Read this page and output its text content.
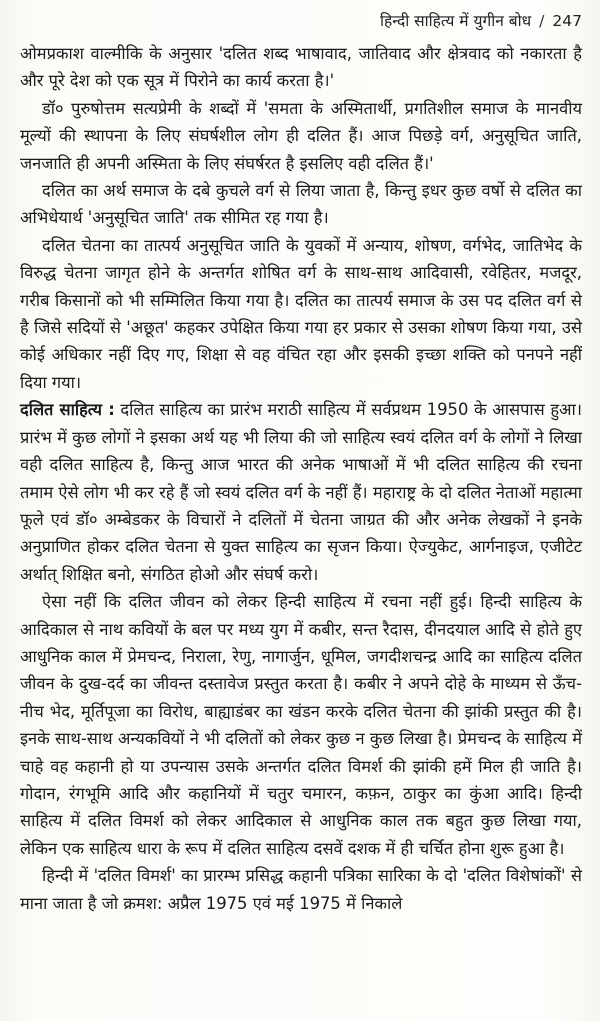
हिन्दी साहित्य में युगीन बोध / 247

ओमप्रकाश वाल्मीकि के अनुसार 'दलित शब्द भाषावाद, जातिवाद और क्षेत्रवाद को नकारता है और पूरे देश को एक सूत्र में पिरोने का कार्य करता है।'

डॉ० पुरुषोत्तम सत्यप्रेमी के शब्दों में 'समता के अस्मितार्थी, प्रगतिशील समाज के मानवीय मूल्यों की स्थापना के लिए संघर्षशील लोग ही दलित हैं। आज पिछड़े वर्ग, अनुसूचित जाति, जनजाति ही अपनी अस्मिता के लिए संघर्षरत है इसलिए वही दलित हैं।'

दलित का अर्थ समाज के दबे कुचले वर्ग से लिया जाता है, किन्तु इधर कुछ वर्षो से दलित का अभिधेयार्थ 'अनुसूचित जाति' तक सीमित रह गया है।

दलित चेतना का तात्पर्य अनुसूचित जाति के युवकों में अन्याय, शोषण, वर्गभेद, जातिभेद के विरुद्ध चेतना जागृत होने के अन्तर्गत शोषित वर्ग के साथ-साथ आदिवासी, रवेहितर, मजदूर, गरीब किसानों को भी सम्मिलित किया गया है। दलित का तात्पर्य समाज के उस पद दलित वर्ग से है जिसे सदियों से 'अछूत' कहकर उपेक्षित किया गया हर प्रकार से उसका शोषण किया गया, उसे कोई अधिकार नहीं दिए गए, शिक्षा से वह वंचित रहा और इसकी इच्छा शक्ति को पनपने नहीं दिया गया।

दलित साहित्य : दलित साहित्य का प्रारंभ मराठी साहित्य में सर्वप्रथम 1950 के आसपास हुआ। प्रारंभ में कुछ लोगों ने इसका अर्थ यह भी लिया की जो साहित्य स्वयं दलित वर्ग के लोगों ने लिखा वही दलित साहित्य है, किन्तु आज भारत की अनेक भाषाओं में भी दलित साहित्य की रचना तमाम ऐसे लोग भी कर रहे हैं जो स्वयं दलित वर्ग के नहीं हैं। महाराष्ट्र के दो दलित नेताओं महात्मा फूले एवं डॉ० अम्बेडकर के विचारों ने दलितों में चेतना जाग्रत की और अनेक लेखकों ने इनके अनुप्राणित होकर दलित चेतना से युक्त साहित्य का सृजन किया। ऐज्युकेट, आर्गनाइज, एजीटेट अर्थात् शिक्षित बनो, संगठित होओ और संघर्ष करो।

ऐसा नहीं कि दलित जीवन को लेकर हिन्दी साहित्य में रचना नहीं हुई। हिन्दी साहित्य के आदिकाल से नाथ कवियों के बल पर मध्य युग में कबीर, सन्त रैदास, दीनदयाल आदि से होते हुए आधुनिक काल में प्रेमचन्द, निराला, रेणु, नागार्जुन, धूमिल, जगदीशचन्द्र आदि का साहित्य दलित जीवन के दुख-दर्द का जीवन्त दस्तावेज प्रस्तुत करता है। कबीर ने अपने दोहे के माध्यम से ऊँच-नीच भेद, मूर्तिपूजा का विरोध, बाह्याडंबर का खंडन करके दलित चेतना की झांकी प्रस्तुत की है। इनके साथ-साथ अन्यकवियों ने भी दलितों को लेकर कुछ न कुछ लिखा है। प्रेमचन्द के साहित्य में चाहे वह कहानी हो या उपन्यास उसके अन्तर्गत दलित विमर्श की झांकी हमें मिल ही जाति है। गोदान, रंगभूमि आदि और कहानियों में चतुर चमारन, कफ़न, ठाकुर का कुंआ आदि। हिन्दी साहित्य में दलित विमर्श को लेकर आदिकाल से आधुनिक काल तक बहुत कुछ लिखा गया, लेकिन एक साहित्य धारा के रूप में दलित साहित्य दसवें दशक में ही चर्चित होना शुरू हुआ है।

हिन्दी में 'दलित विमर्श' का प्रारम्भ प्रसिद्ध कहानी पत्रिका सारिका के दो 'दलित विशेषांकों' से माना जाता है जो क्रमश: अप्रैल 1975 एवं मई 1975 में निकाले
